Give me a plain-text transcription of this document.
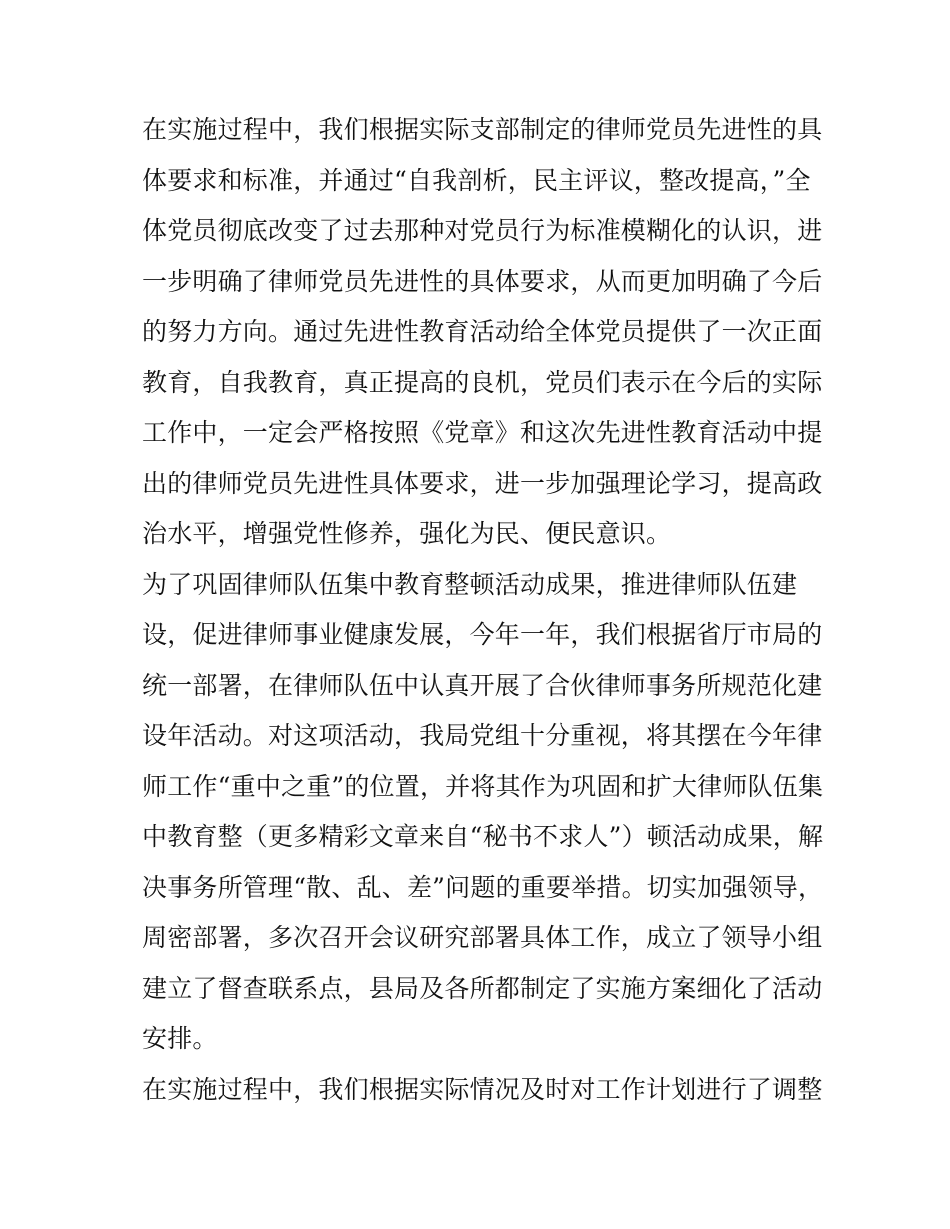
在实施过程中，我们根据实际支部制定的律师党员先进性的具
体要求和标准，并通过“自我剖析，民主评议，整改提高，”全
体党员彻底改变了过去那种对党员行为标准模糊化的认识，进
一步明确了律师党员先进性的具体要求，从而更加明确了今后
的努力方向。通过先进性教育活动给全体党员提供了一次正面
教育，自我教育，真正提高的良机，党员们表示在今后的实际
工作中，一定会严格按照《党章》和这次先进性教育活动中提
出的律师党员先进性具体要求，进一步加强理论学习，提高政
治水平，增强党性修养，强化为民、便民意识。
为了巩固律师队伍集中教育整顿活动成果，推进律师队伍建
设，促进律师事业健康发展，今年一年，我们根据省厅市局的
统一部署，在律师队伍中认真开展了合伙律师事务所规范化建
设年活动。对这项活动，我局党组十分重视，将其摆在今年律
师工作“重中之重”的位置，并将其作为巩固和扩大律师队伍集
中教育整（更多精彩文章来自“秘书不求人”）顿活动成果，解
决事务所管理“散、乱、差”问题的重要举措。切实加强领导，
周密部署，多次召开会议研究部署具体工作，成立了领导小组
建立了督查联系点，县局及各所都制定了实施方案细化了活动
安排。
在实施过程中，我们根据实际情况及时对工作计划进行了调整
